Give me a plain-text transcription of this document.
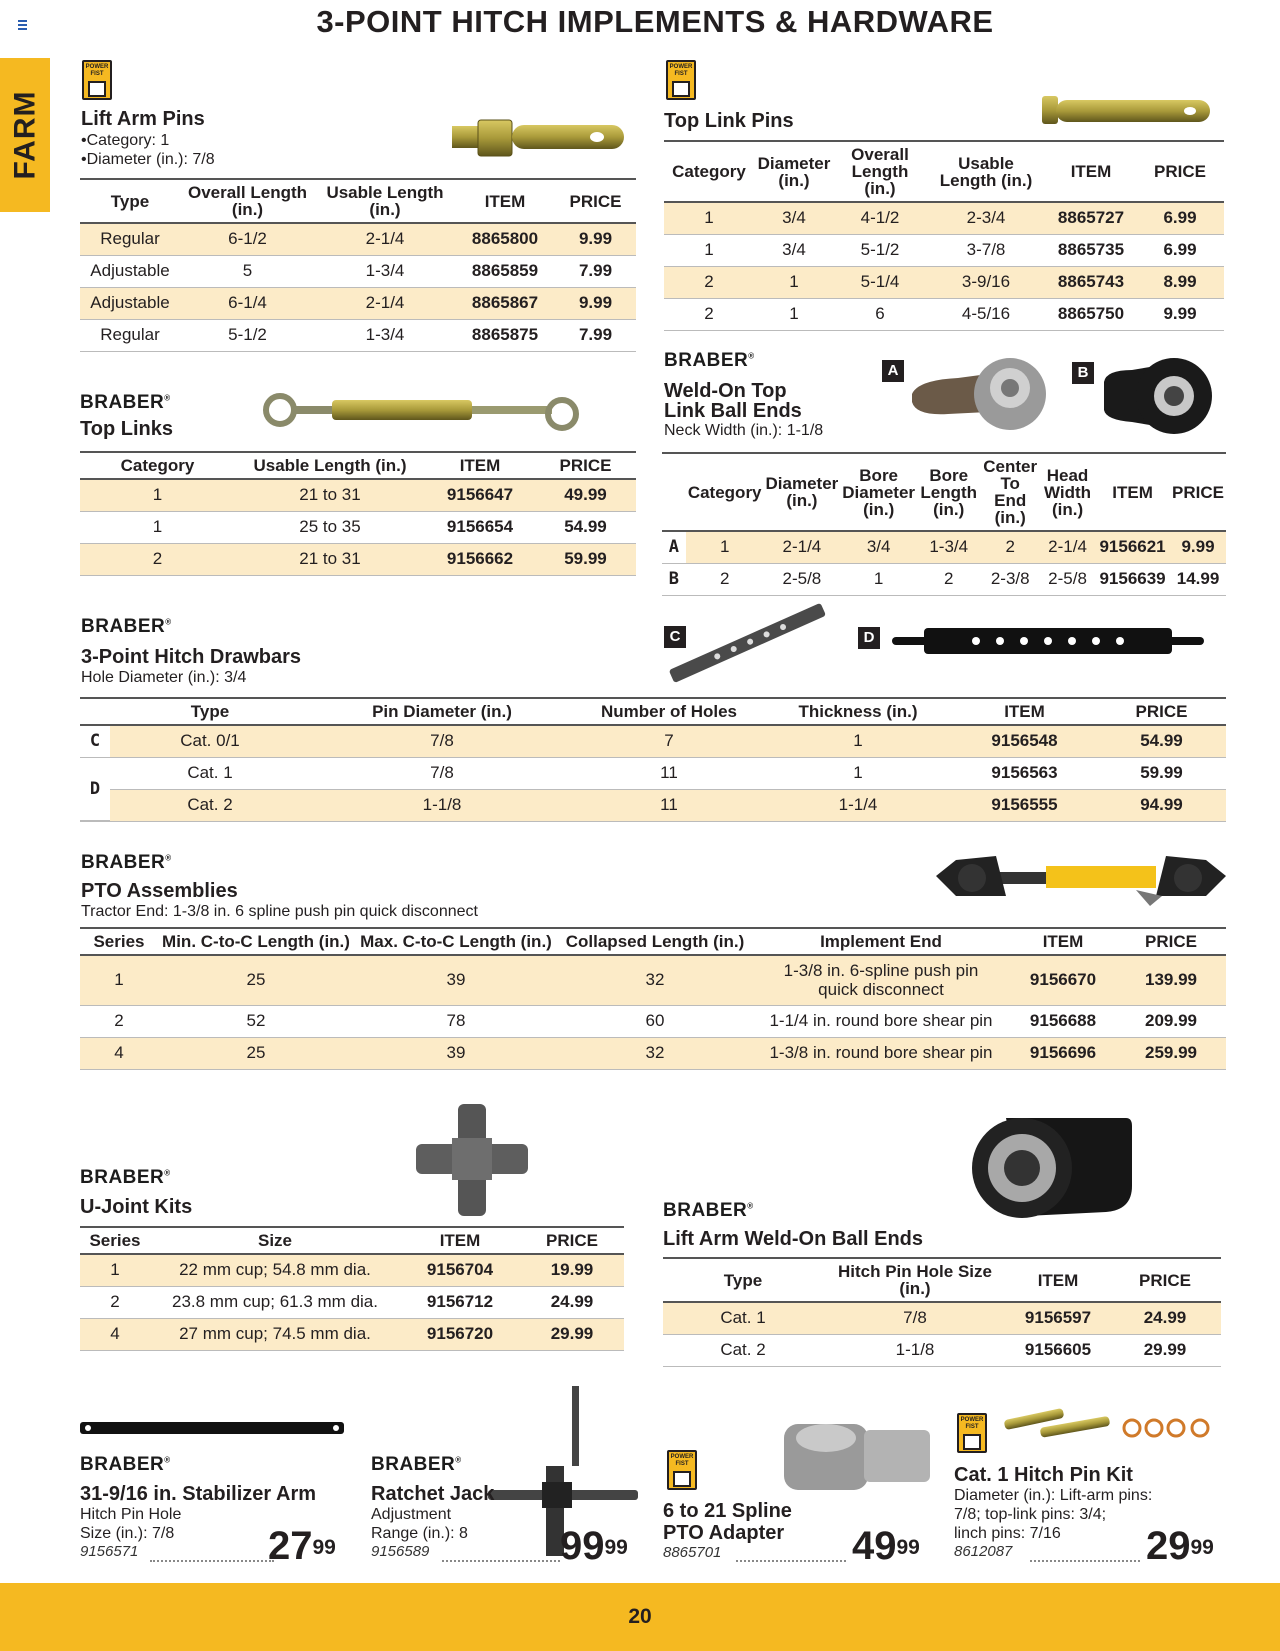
3-POINT HITCH IMPLEMENTS & HARDWARE
FARM
POWER
FIST
Lift Arm Pins
•Category: 1
•Diameter (in.): 7/8
Type	Overall Length (in.)	Usable Length (in.)	ITEM	PRICE
Regular	6-1/2	2-1/4	8865800	9.99
Adjustable	5	1-3/4	8865859	7.99
Adjustable	6-1/4	2-1/4	8865867	9.99
Regular	5-1/2	1-3/4	8865875	7.99
POWER
FIST
Top Link Pins
Category	Diameter (in.)	Overall Length (in.)	Usable Length (in.)	ITEM	PRICE
1	3/4	4-1/2	2-3/4	8865727	6.99
1	3/4	5-1/2	3-7/8	8865735	6.99
2	1	5-1/4	3-9/16	8865743	8.99
2	1	6	4-5/16	8865750	9.99
BRABER®
Top Links
Category	Usable Length (in.)	ITEM	PRICE
1	21 to 31	9156647	49.99
1	25 to 35	9156654	54.99
2	21 to 31	9156662	59.99
BRABER®
Weld-On Top
Link Ball Ends
Neck Width (in.): 1-1/8
A	B
	Category	Diameter (in.)	Bore Diameter (in.)	Bore Length (in.)	Center To End (in.)	Head Width (in.)	ITEM	PRICE
A	1	2-1/4	3/4	1-3/4	2	2-1/4	9156621	9.99
B	2	2-5/8	1	2	2-3/8	2-5/8	9156639	14.99
BRABER®
3-Point Hitch Drawbars
Hole Diameter (in.): 3/4
C	D
	Type	Pin Diameter (in.)	Number of Holes	Thickness (in.)	ITEM	PRICE
C	Cat. 0/1	7/8	7	1	9156548	54.99
D	Cat. 1	7/8	11	1	9156563	59.99
	Cat. 2	1-1/8	11	1-1/4	9156555	94.99
BRABER®
PTO Assemblies
Tractor End: 1-3/8 in. 6 spline push pin quick disconnect
Series	Min. C-to-C Length (in.)	Max. C-to-C Length (in.)	Collapsed Length (in.)	Implement End	ITEM	PRICE
1	25	39	32	1-3/8 in. 6-spline push pin quick disconnect	9156670	139.99
2	52	78	60	1-1/4 in. round bore shear pin	9156688	209.99
4	25	39	32	1-3/8 in. round bore shear pin	9156696	259.99
BRABER®
U-Joint Kits
Series	Size	ITEM	PRICE
1	22 mm cup; 54.8 mm dia.	9156704	19.99
2	23.8 mm cup; 61.3 mm dia.	9156712	24.99
4	27 mm cup; 74.5 mm dia.	9156720	29.99
BRABER®
Lift Arm Weld-On Ball Ends
Type	Hitch Pin Hole Size (in.)	ITEM	PRICE
Cat. 1	7/8	9156597	24.99
Cat. 2	1-1/8	9156605	29.99
BRABER®
31-9/16 in. Stabilizer Arm
Hitch Pin Hole
Size (in.): 7/8
9156571	$27^{99}$
BRABER®
Ratchet Jack
Adjustment
Range (in.): 8
9156589	$99^{99}$
POWER
FIST
6 to 21 Spline
PTO Adapter
8865701	$49^{99}$
POWER
FIST
Cat. 1 Hitch Pin Kit
Diameter (in.): Lift-arm pins:
7/8; top-link pins: 3/4;
linch pins: 7/16
8612087	$29^{99}$
20
